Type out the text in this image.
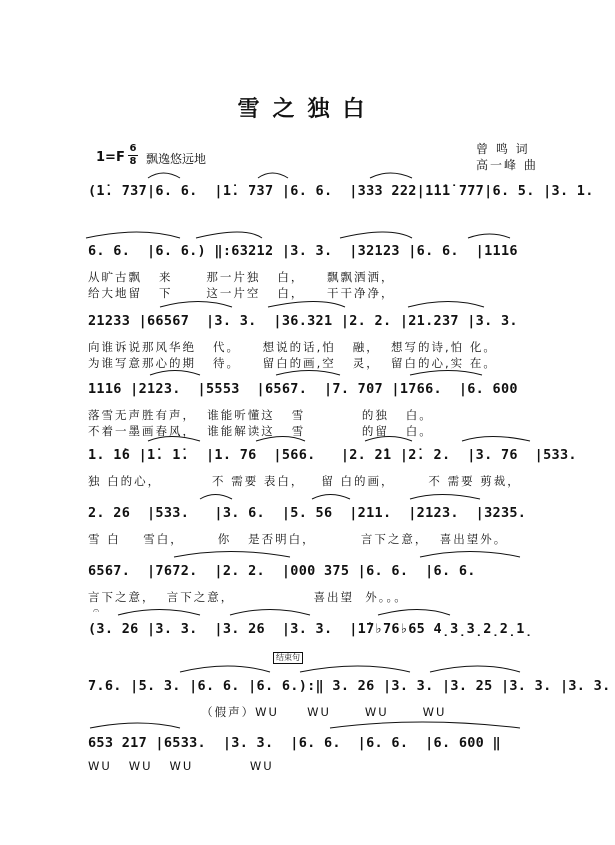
雪之独白
1=F
6
8 飘逸悠远地
曾 鸣 词
高一峰 曲
(1̇. 737|6. 6.  |1̇. 737 |6. 6.  |333 222|1̇1̇1̇ 777|6. 5. |3. 1.
6. 6.  |6. 6.) ‖:63212 |3. 3.  |32123 |6. 6.  |1116
从旷古飘   来      那一片独   白，    飘飘洒洒，
给大地留   下      这一片空   白，    干干净净，
21233 |66567  |3. 3.  |36.321 |2. 2. |21.237 |3. 3.
向谁诉说那风华绝   代。    想说的话,怕   融，  想写的诗,怕 化。
为谁写意那心的期   待。    留白的画,空   灵，  留白的心,实 在。
1116 |2123.  |5553  |6567.  |7. 707 |1766.  |6. 600
落雪无声胜有声，  谁能听懂这   雪          的独   白。
不着一墨画春风，  谁能解读这   雪          的留   白。
1. 1̇6 |1̇. 1̇.  |1. 76  |566.   |2. 2̇1 |2̇. 2.  |3. 76  |533.
独 白的心，         不 需要 表白，   留 白的画，      不 需要 剪裁，
2. 26  |533.   |3. 6.  |5. 56  |211.  |2123.  |3235.
雪 白    雪白，      你   是否明白，        言下之意，  喜出望外。
6567.  |7672.  |2. 2.  |000 375 |6. 6.  |6. 6.
言下之意，  言下之意，              喜出望  外。。。
𝄐
(3. 26 |3. 3.  |3. 26  |3. 3.  |1̇7♭76♭65 4̣3̣3̣2̣2̣1̣
结束句
7.6. |5. 3. |6. 6. |6. 6.):‖ 3. 26 |3. 3. |3. 25 |3. 3. |3. 3.
（假声）WU     WU      WU      WU
653 217 |6533.  |3. 3.  |6. 6.  |6. 6.  |6. 600 ‖
WU   WU   WU          WU
